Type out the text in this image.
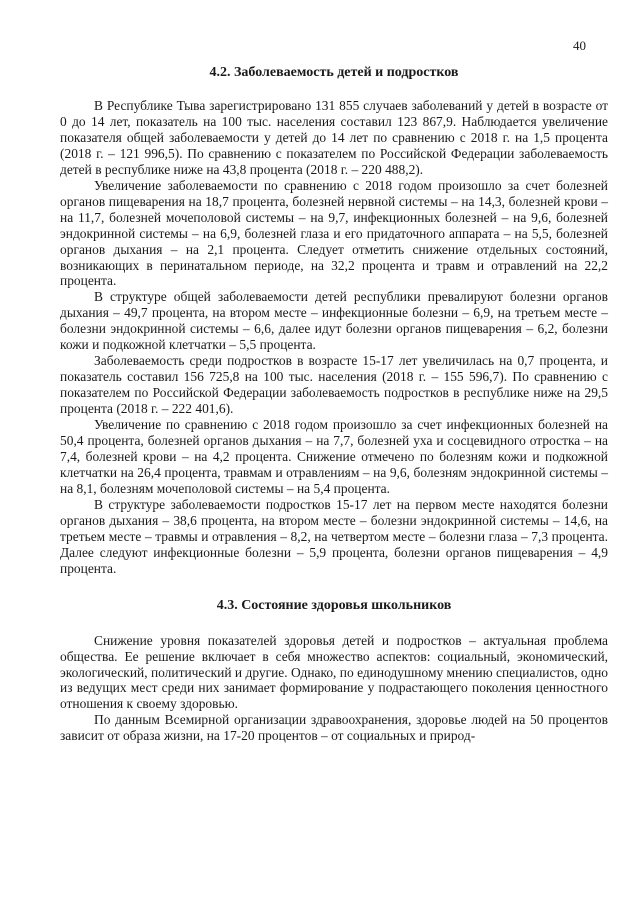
40
4.2. Заболеваемость детей и подростков

В Республике Тыва зарегистрировано 131 855 случаев заболеваний у детей в возрасте от 0 до 14 лет, показатель на 100 тыс. населения составил 123 867,9. Наблюдается увеличение показателя общей заболеваемости у детей до 14 лет по сравнению с 2018 г. на 1,5 процента (2018 г. – 121 996,5). По сравнению с показателем по Российской Федерации заболеваемость детей в республике ниже на 43,8 процента (2018 г. – 220 488,2).

Увеличение заболеваемости по сравнению с 2018 годом произошло за счет болезней органов пищеварения на 18,7 процента, болезней нервной системы – на 14,3, болезней крови – на 11,7, болезней мочеполовой системы – на 9,7, инфекционных болезней – на 9,6, болезней эндокринной системы – на 6,9, болезней глаза и его придаточного аппарата – на 5,5, болезней органов дыхания – на 2,1 процента. Следует отметить снижение отдельных состояний, возникающих в перинатальном периоде, на 32,2 процента и травм и отравлений на 22,2 процента.

В структуре общей заболеваемости детей республики превалируют болезни органов дыхания – 49,7 процента, на втором месте – инфекционные болезни – 6,9, на третьем месте – болезни эндокринной системы – 6,6, далее идут болезни органов пищеварения – 6,2, болезни кожи и подкожной клетчатки – 5,5 процента.

Заболеваемость среди подростков в возрасте 15-17 лет увеличилась на 0,7 процента, и показатель составил 156 725,8 на 100 тыс. населения (2018 г. – 155 596,7). По сравнению с показателем по Российской Федерации заболеваемость подростков в республике ниже на 29,5 процента (2018 г. – 222 401,6).

Увеличение по сравнению с 2018 годом произошло за счет инфекционных болезней на 50,4 процента, болезней органов дыхания – на 7,7, болезней уха и сосцевидного отростка – на 7,4, болезней крови – на 4,2 процента. Снижение отмечено по болезням кожи и подкожной клетчатки на 26,4 процента, травмам и отравлениям – на 9,6, болезням эндокринной системы – на 8,1, болезням мочеполовой системы – на 5,4 процента.

В структуре заболеваемости подростков 15-17 лет на первом месте находятся болезни органов дыхания – 38,6 процента, на втором месте – болезни эндокринной системы – 14,6, на третьем месте – травмы и отравления – 8,2, на четвертом месте – болезни глаза – 7,3 процента. Далее следуют инфекционные болезни – 5,9 процента, болезни органов пищеварения – 4,9 процента.

4.3. Состояние здоровья школьников

Снижение уровня показателей здоровья детей и подростков – актуальная проблема общества. Ее решение включает в себя множество аспектов: социальный, экономический, экологический, политический и другие. Однако, по единодушному мнению специалистов, одно из ведущих мест среди них занимает формирование у подрастающего поколения ценностного отношения к своему здоровью.

По данным Всемирной организации здравоохранения, здоровье людей на 50 процентов зависит от образа жизни, на 17-20 процентов – от социальных и природ-
